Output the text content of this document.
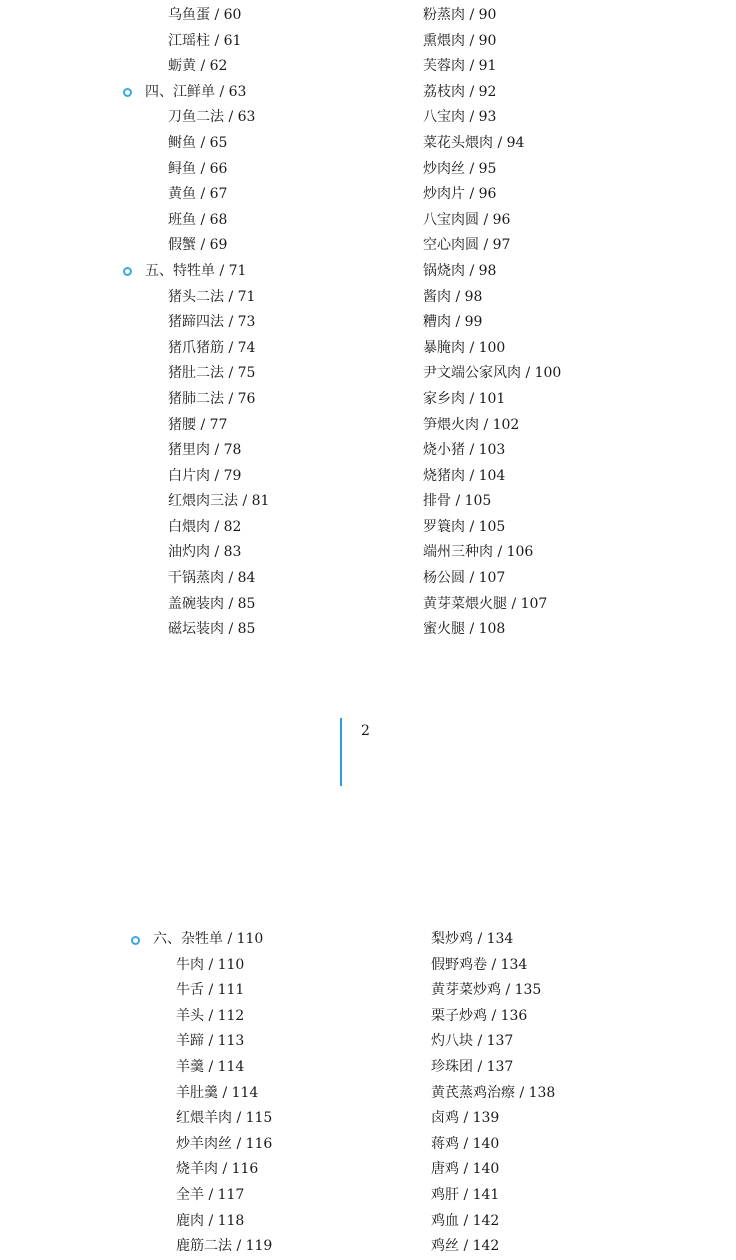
乌鱼蛋 / 60
江瑶柱 / 61
蛎黄 / 62
四、江鲜单 / 63
刀鱼二法 / 63
鲥鱼 / 65
鲟鱼 / 66
黄鱼 / 67
班鱼 / 68
假蟹 / 69
五、特牲单 / 71
猪头二法 / 71
猪蹄四法 / 73
猪爪猪筋 / 74
猪肚二法 / 75
猪肺二法 / 76
猪腰 / 77
猪里肉 / 78
白片肉 / 79
红煨肉三法 / 81
白煨肉 / 82
油灼肉 / 83
干锅蒸肉 / 84
盖碗装肉 / 85
磁坛装肉 / 85
粉蒸肉 / 90
熏煨肉 / 90
芙蓉肉 / 91
荔枝肉 / 92
八宝肉 / 93
菜花头煨肉 / 94
炒肉丝 / 95
炒肉片 / 96
八宝肉圆 / 96
空心肉圆 / 97
锅烧肉 / 98
酱肉 / 98
糟肉 / 99
暴腌肉 / 100
尹文端公家风肉 / 100
家乡肉 / 101
笋煨火肉 / 102
烧小猪 / 103
烧猪肉 / 104
排骨 / 105
罗簑肉 / 105
端州三种肉 / 106
杨公圆 / 107
黄芽菜煨火腿 / 107
蜜火腿 / 108
2
六、杂牲单 / 110
牛肉 / 110
牛舌 / 111
羊头 / 112
羊蹄 / 113
羊羹 / 114
羊肚羹 / 114
红煨羊肉 / 115
炒羊肉丝 / 116
烧羊肉 / 116
全羊 / 117
鹿肉 / 118
鹿筋二法 / 119
梨炒鸡 / 134
假野鸡卷 / 134
黄芽菜炒鸡 / 135
栗子炒鸡 / 136
灼八块 / 137
珍珠团 / 137
黄芪蒸鸡治瘵 / 138
卤鸡 / 139
蒋鸡 / 140
唐鸡 / 140
鸡肝 / 141
鸡血 / 142
鸡丝 / 142
